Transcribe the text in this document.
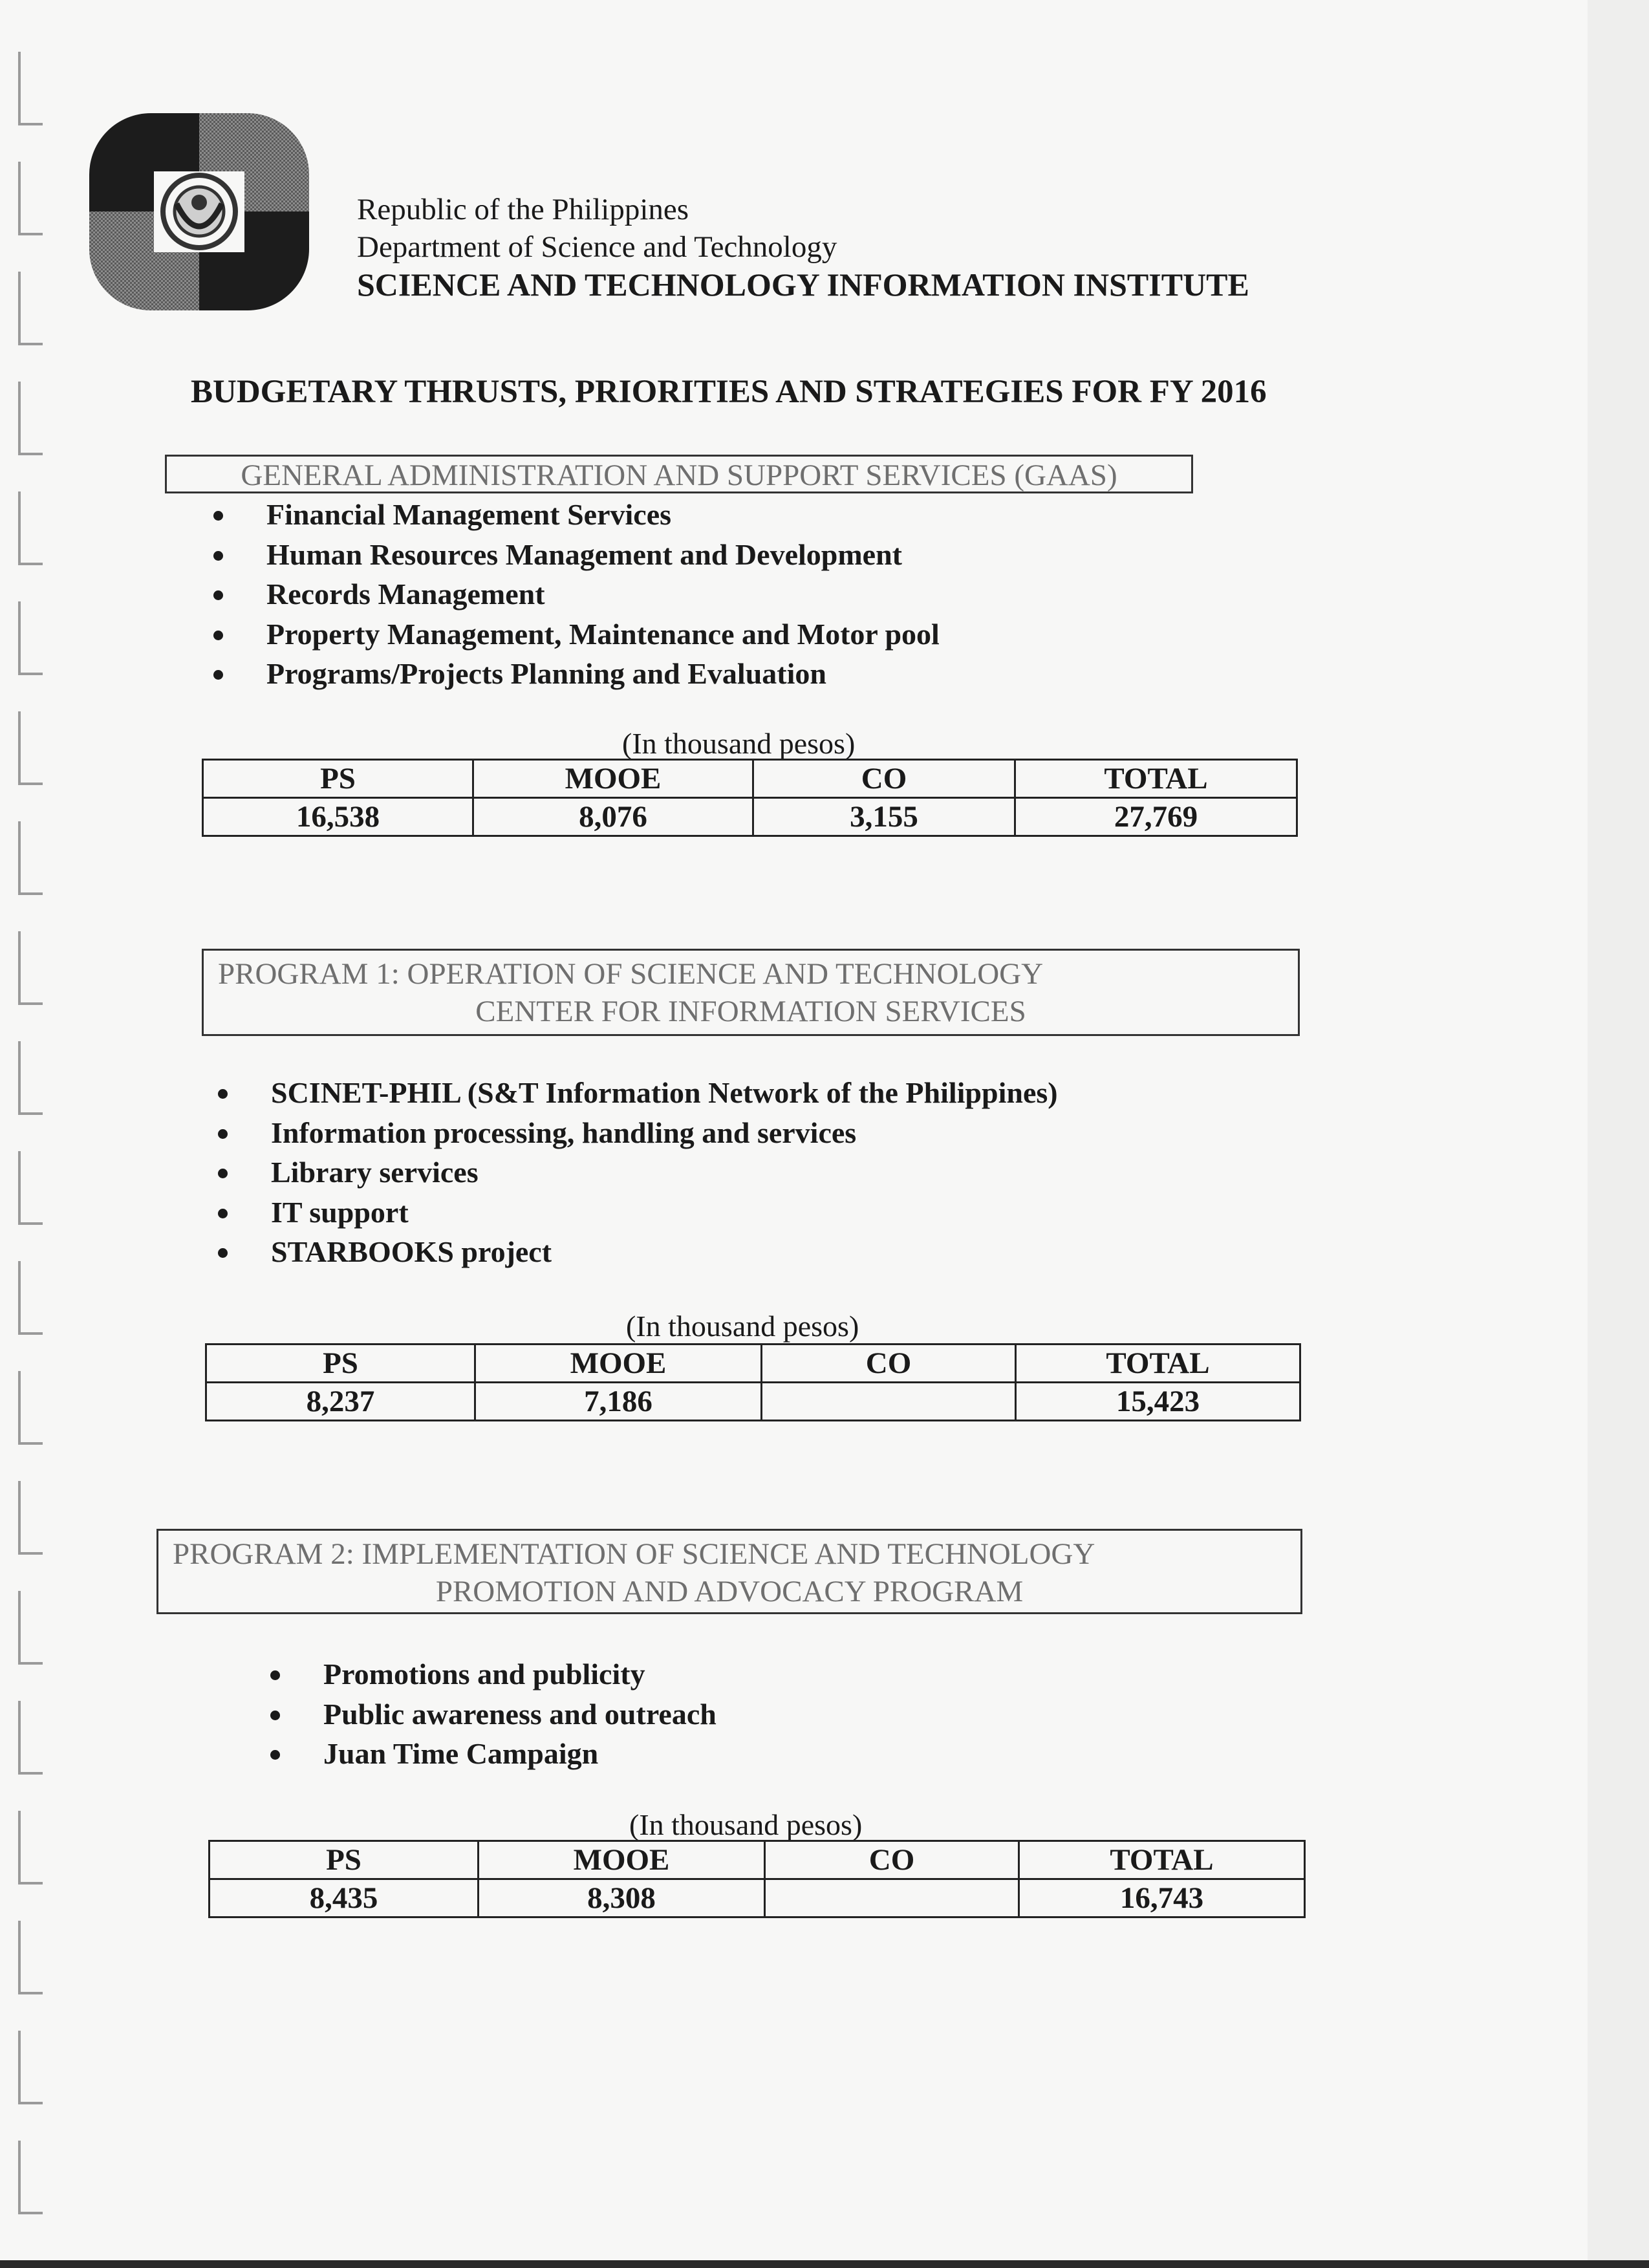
Republic of the Philippines
Department of Science and Technology
SCIENCE AND TECHNOLOGY INFORMATION INSTITUTE
BUDGETARY THRUSTS, PRIORITIES AND STRATEGIES FOR FY 2016
GENERAL ADMINISTRATION AND SUPPORT SERVICES (GAAS)
Financial Management Services
Human Resources Management and Development
Records Management
Property Management, Maintenance and Motor pool
Programs/Projects Planning and Evaluation
(In thousand pesos)
PS	MOOE	CO	TOTAL
16,538	8,076	3,155	27,769
PROGRAM 1: OPERATION OF SCIENCE AND TECHNOLOGY
CENTER FOR INFORMATION SERVICES
SCINET-PHIL (S&T Information Network of the Philippines)
Information processing, handling and services
Library services
IT support
STARBOOKS project
(In thousand pesos)
PS	MOOE	CO	TOTAL
8,237	7,186		15,423
PROGRAM 2: IMPLEMENTATION OF SCIENCE AND TECHNOLOGY
PROMOTION AND ADVOCACY PROGRAM
Promotions and publicity
Public awareness and outreach
Juan Time Campaign
(In thousand pesos)
PS	MOOE	CO	TOTAL
8,435	8,308		16,743
